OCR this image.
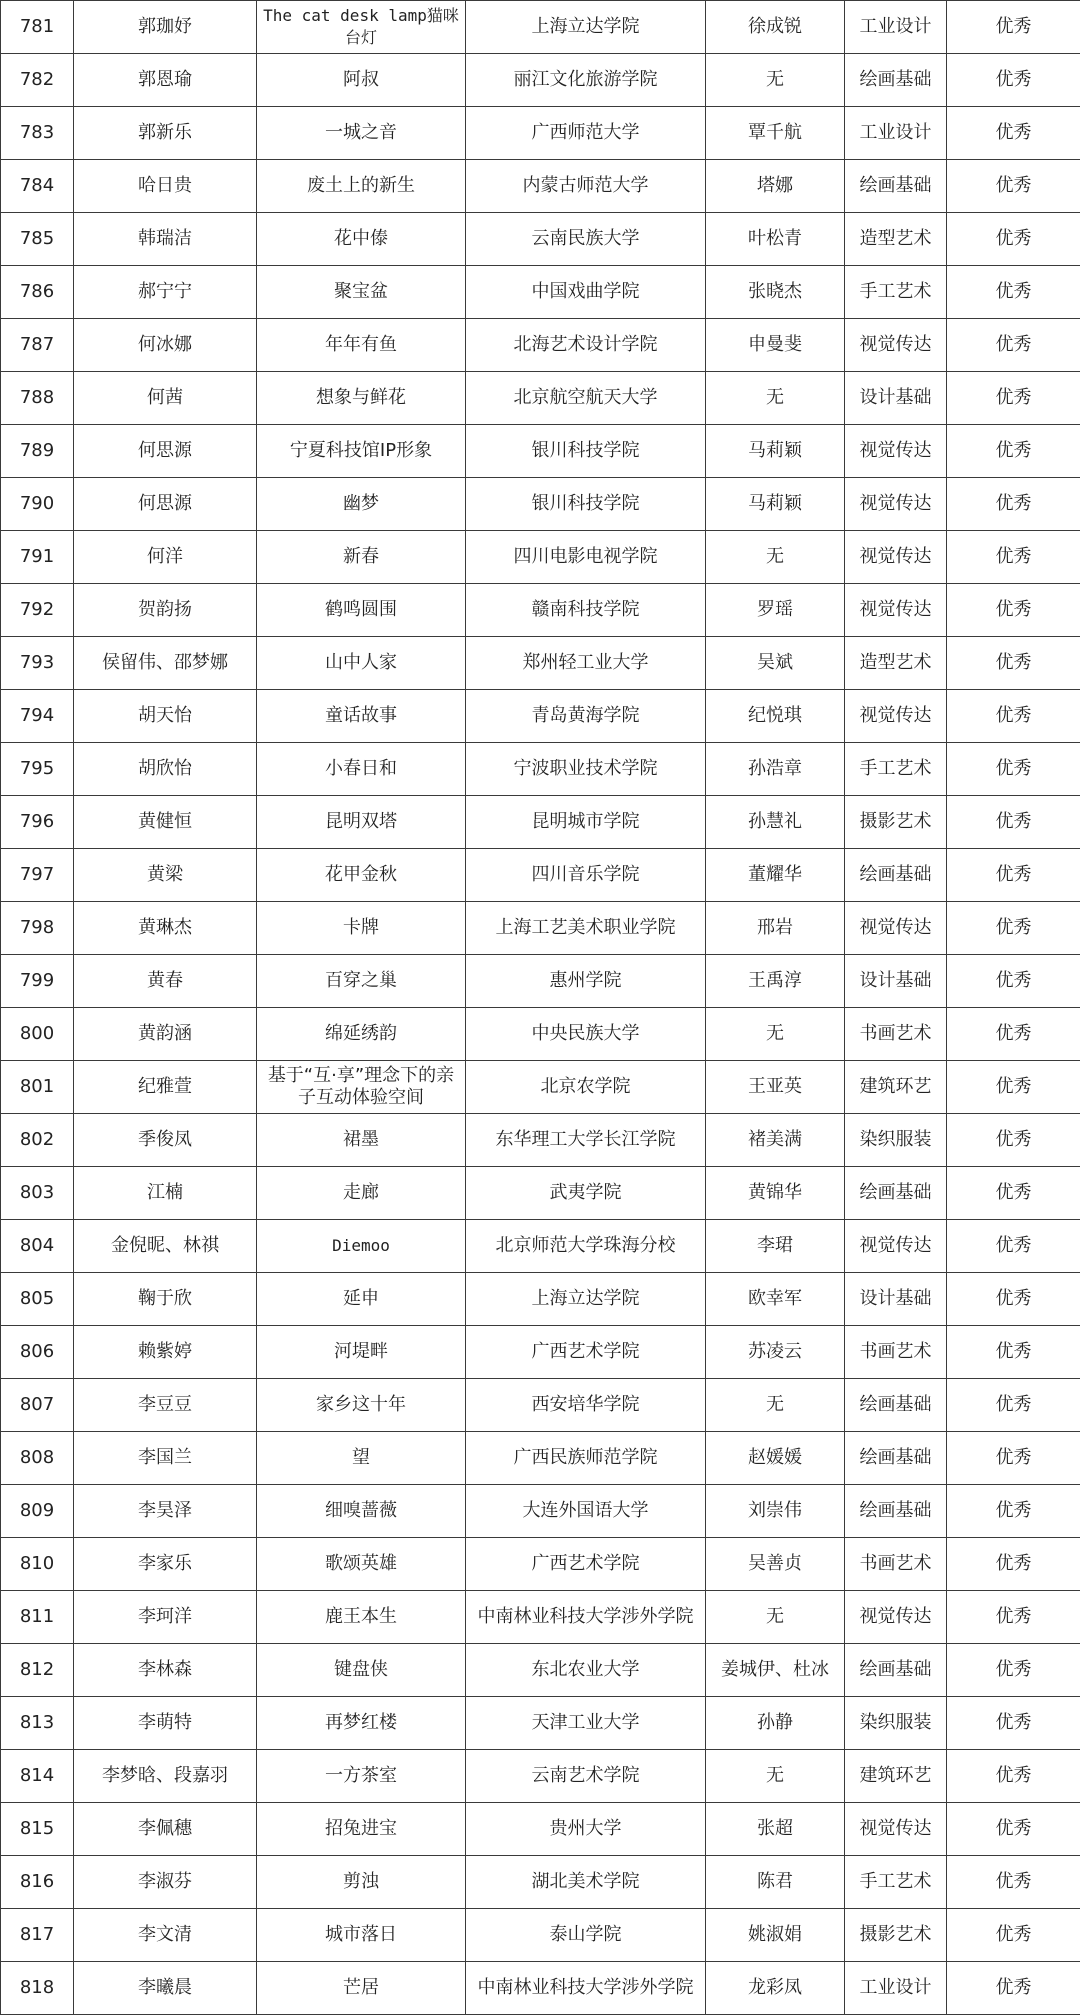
781	郭珈妤	The cat desk lamp猫咪台灯	上海立达学院	徐成锐	工业设计	优秀
782	郭恩瑜	阿叔	丽江文化旅游学院	无	绘画基础	优秀
783	郭新乐	一城之音	广西师范大学	覃千航	工业设计	优秀
784	哈日贵	废土上的新生	内蒙古师范大学	塔娜	绘画基础	优秀
785	韩瑞洁	花中傣	云南民族大学	叶松青	造型艺术	优秀
786	郝宁宁	聚宝盆	中国戏曲学院	张晓杰	手工艺术	优秀
787	何冰娜	年年有鱼	北海艺术设计学院	申曼斐	视觉传达	优秀
788	何茜	想象与鲜花	北京航空航天大学	无	设计基础	优秀
789	何思源	宁夏科技馆IP形象	银川科技学院	马莉颖	视觉传达	优秀
790	何思源	幽梦	银川科技学院	马莉颖	视觉传达	优秀
791	何洋	新春	四川电影电视学院	无	视觉传达	优秀
792	贺韵扬	鹤鸣圆围	赣南科技学院	罗瑶	视觉传达	优秀
793	侯留伟、邵梦娜	山中人家	郑州轻工业大学	吴斌	造型艺术	优秀
794	胡天怡	童话故事	青岛黄海学院	纪悦琪	视觉传达	优秀
795	胡欣怡	小春日和	宁波职业技术学院	孙浩章	手工艺术	优秀
796	黄健恒	昆明双塔	昆明城市学院	孙慧礼	摄影艺术	优秀
797	黄梁	花甲金秋	四川音乐学院	董耀华	绘画基础	优秀
798	黄琳杰	卡牌	上海工艺美术职业学院	邢岩	视觉传达	优秀
799	黄春	百穿之巢	惠州学院	王禹淳	设计基础	优秀
800	黄韵涵	绵延绣韵	中央民族大学	无	书画艺术	优秀
801	纪雅萱	基于“互·享”理念下的亲子互动体验空间	北京农学院	王亚英	建筑环艺	优秀
802	季俊凤	裙墨	东华理工大学长江学院	褚美满	染织服装	优秀
803	江楠	走廊	武夷学院	黄锦华	绘画基础	优秀
804	金倪昵、林祺	Diemoo	北京师范大学珠海分校	李珺	视觉传达	优秀
805	鞠于欣	延申	上海立达学院	欧幸军	设计基础	优秀
806	赖紫婷	河堤畔	广西艺术学院	苏凌云	书画艺术	优秀
807	李豆豆	家乡这十年	西安培华学院	无	绘画基础	优秀
808	李国兰	望	广西民族师范学院	赵媛媛	绘画基础	优秀
809	李昊泽	细嗅蔷薇	大连外国语大学	刘崇伟	绘画基础	优秀
810	李家乐	歌颂英雄	广西艺术学院	吴善贞	书画艺术	优秀
811	李珂洋	鹿王本生	中南林业科技大学涉外学院	无	视觉传达	优秀
812	李林森	键盘侠	东北农业大学	姜城伊、杜冰	绘画基础	优秀
813	李萌特	再梦红楼	天津工业大学	孙静	染织服装	优秀
814	李梦晗、段嘉羽	一方茶室	云南艺术学院	无	建筑环艺	优秀
815	李佩穗	招兔进宝	贵州大学	张超	视觉传达	优秀
816	李淑芬	剪浊	湖北美术学院	陈君	手工艺术	优秀
817	李文清	城市落日	泰山学院	姚淑娟	摄影艺术	优秀
818	李曦晨	芒居	中南林业科技大学涉外学院	龙彩凤	工业设计	优秀
